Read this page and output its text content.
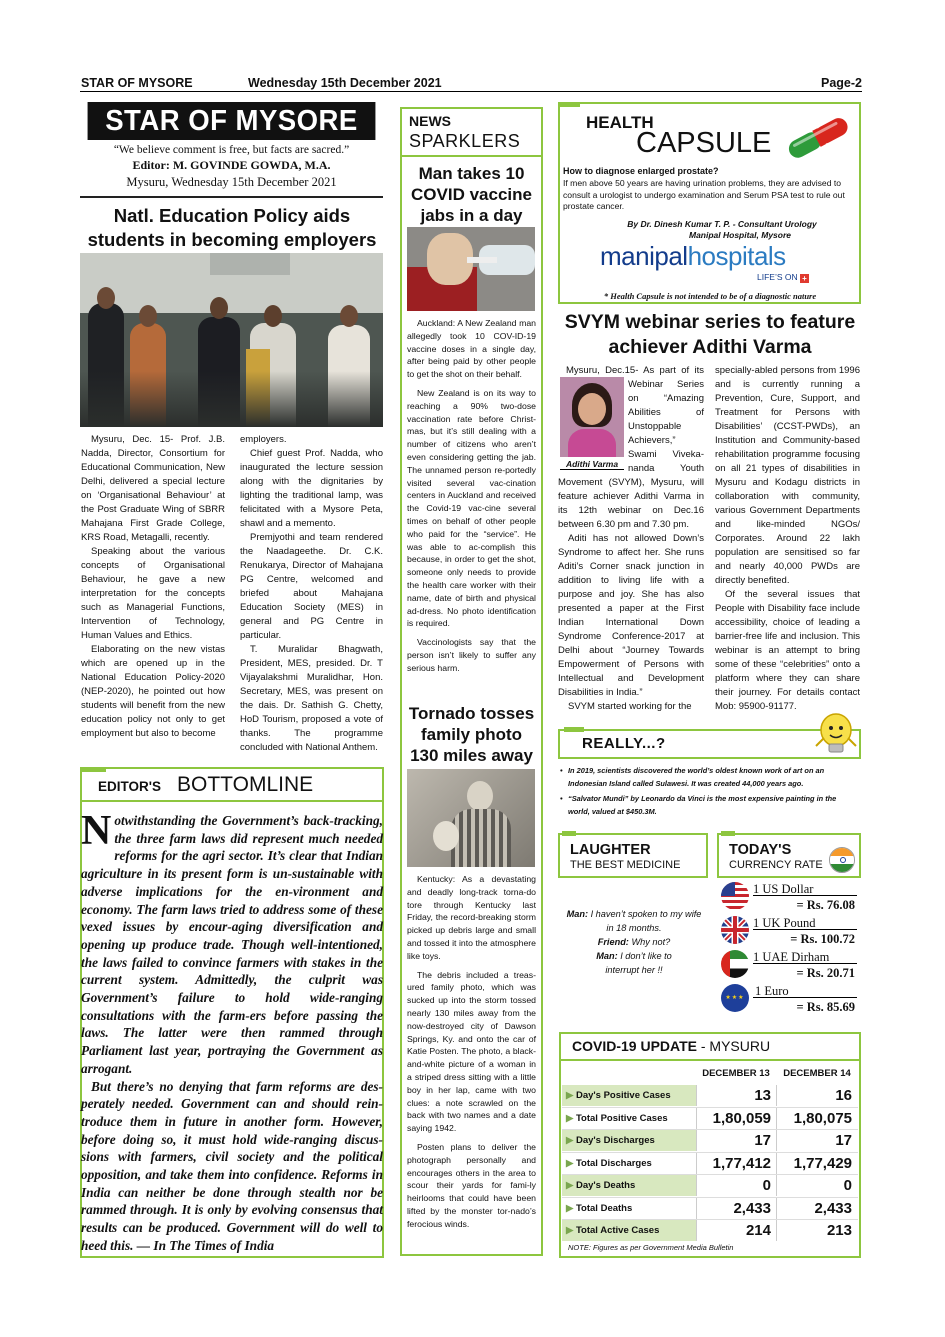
STAR OF MYSORE	Wednesday 15th December 2021	Page-2
STAR OF MYSORE
“We believe comment is free, but facts are sacred.”
Editor: M. GOVINDE GOWDA, M.A.
Mysuru, Wednesday 15th December 2021
Natl. Education Policy aids students in becoming employers

Mysuru, Dec. 15- Prof. J.B. Nadda, Director, Consortium for Educational Communication, New Delhi, delivered a special lecture on ‘Organisational Behaviour’ at the Post Graduate Wing of SBRR Mahajana First Grade College, KRS Road, Metagalli, recently.

Speaking about the various concepts of Organisational Behaviour, he gave a new interpretation for the concepts such as Managerial Functions, Intervention of Technology, Human Values and Ethics.

Elaborating on the new vistas which are opened up in the National Education Policy-2020 (NEP-2020), he pointed out how students will benefit from the new education policy not only to get employment but also to become

employers.

Chief guest Prof. Nadda, who inaugurated the lecture session along with the dignitaries by lighting the traditional lamp, was felicitated with a Mysore Peta, shawl and a memento.

Premjyothi and team rendered the Naadageethe. Dr. C.K. Renukarya, Director of Mahajana PG Centre, welcomed and briefed about Mahajana Education Society (MES) in general and PG Centre in particular.

T. Muralidar Bhagwath, President, MES, presided. Dr. T Vijayalakshmi Muralidhar, Hon. Secretary, MES, was present on the dais. Dr. Sathish G. Chetty, HoD Tourism, proposed a vote of thanks. The programme concluded with National Anthem.

EDITOR'S BOTTOMLINE

Notwithstanding the Government’s back-tracking, the three farm laws did represent much needed reforms for the agri sector. It’s clear that Indian agriculture in its present form is un-sustainable with adverse implications for the en-vironment and economy. The farm laws tried to address some of these vexed issues by encour-aging diversification and opening up produce trade. Though well-intentioned, the laws failed to convince farmers with stakes in the current system. Admittedly, the culprit was Government’s failure to hold wide-ranging consultations with the farm-ers before passing the laws. The latter were then rammed through Parliament last year, portraying the Government as arrogant.

But there’s no denying that farm reforms are des-perately needed. Government can and should rein-troduce them in future in another form. However, before doing so, it must hold wide-ranging discus-sions with farmers, civil society and the political opposition, and take them into confidence. Reforms in India can neither be done through stealth nor be rammed through. It is only by evolving consensus that results can be produced. Government will do well to heed this. — In The Times of India

NEWS
SPARKLERS
Man takes 10 COVID vaccine jabs in a day

Auckland: A New Zealand man allegedly took 10 COV-ID-19 vaccine doses in a single day, after being paid by other people to get the shot on their behalf.

New Zealand is on its way to reaching a 90% two-dose vaccination rate before Christ-mas, but it’s still dealing with a number of citizens who aren’t even considering getting the jab. The unnamed person re-portedly visited several vac-cination centers in Auckland and received the Covid-19 vac-cine several times on behalf of other people who paid for the “service”. He was able to ac-complish this because, in order to get the shot, someone only needs to provide the health care worker with their name, date of birth and physical ad-dress. No photo identification is required.

Vaccinologists say that the person isn’t likely to suffer any serious harm.

Tornado tosses family photo 130 miles away

Kentucky: As a devastating and deadly long-track torna-do tore through Kentucky last Friday, the record-breaking storm picked up debris large and small and tossed it into the atmosphere like toys.

The debris included a treas-ured family photo, which was sucked up into the storm tossed nearly 130 miles away from the now-destroyed city of Dawson Springs, Ky. and onto the car of Katie Posten. The photo, a black-and-white picture of a woman in a striped dress sitting with a little boy in her lap, came with two clues: a note scrawled on the back with two names and a date saying 1942.

Posten plans to deliver the photograph personally and encourages others in the area to scour their yards for fami-ly heirlooms that could have been lifted by the monster tor-nado’s ferocious winds.

HEALTH
CAPSULE
How to diagnose enlarged prostate?
If men above 50 years are having urination problems, they are advised to consult a urologist to undergo examination and Serum PSA test to rule out prostate cancer.
By Dr. Dinesh Kumar T. P. - Consultant Urology
Manipal Hospital, Mysore
manipalhospitals
LIFE’S ON +
* Health Capsule is not intended to be of a diagnostic nature
SVYM webinar series to feature achiever Adithi Varma
Adithi Varma
Mysuru, Dec.15- As part of its
Webinar Series
on “Amazing
Abilities of
Unstoppable
Achievers,”
Swami Viveka-
nanda Youth

Movement (SVYM), Mysuru, will feature achiever Adithi Varma in its 12th webinar on Dec.16 between 6.30 pm and 7.30 pm.

Aditi has not allowed Down’s Syndrome to affect her. She runs Aditi’s Corner snack junction in addition to living life with a purpose and joy. She has also presented a paper at the First Indian International Down Syndrome Conference-2017 at Delhi about “Journey Towards Empowerment of Persons with Intellectual and Development Disabilities in India.”

SVYM started working for the

specially-abled persons from 1996 and is currently running a Prevention, Cure, Support, and Treatment for Persons with Disabilities’ (CCST-PWDs), an Institution and Community-based rehabilitation programme focusing on all 21 types of disabilities in Mysuru and Kodagu districts in collaboration with community, various Government Departments and like-minded NGOs/ Corporates. Around 22 lakh population are sensitised so far and nearly 40,000 PWDs are directly benefited.

Of the several issues that People with Disability face include accessibility, choice of leading a barrier-free life and inclusion. This webinar is an attempt to bring some of these “celebrities” onto a platform where they can share their journey. For details contact Mob: 95900-91177.

REALLY...?
• In 2019, scientists discovered the world’s oldest known work of art on an Indonesian Island called Sulawesi. It was created 44,000 years ago.
• “Salvator Mundi” by Leonardo da Vinci is the most expensive painting in the world, valued at $450.3M.
LAUGHTER
THE BEST MEDICINE
Man: I haven’t spoken to my wife in 18 months.
Friend: Why not?
Man: I don’t like to interrupt her !!
TODAY'S
CURRENCY RATE
1 US Dollar
= Rs. 76.08
1 UK Pound
= Rs. 100.72
1 UAE Dirham
= Rs. 20.71
★★★ 1 Euro
= Rs. 85.69
COVID-19 UPDATE - MYSURU
DECEMBER 13	DECEMBER 14
▶ Day's Positive Cases	13	16
▶ Total Positive Cases	1,80,059	1,80,075
▶ Day's Discharges	17	17
▶ Total Discharges	1,77,412	1,77,429
▶ Day's Deaths	0	0
▶ Total Deaths	2,433	2,433
▶ Total Active Cases	214	213
NOTE: Figures as per Government Media Bulletin
